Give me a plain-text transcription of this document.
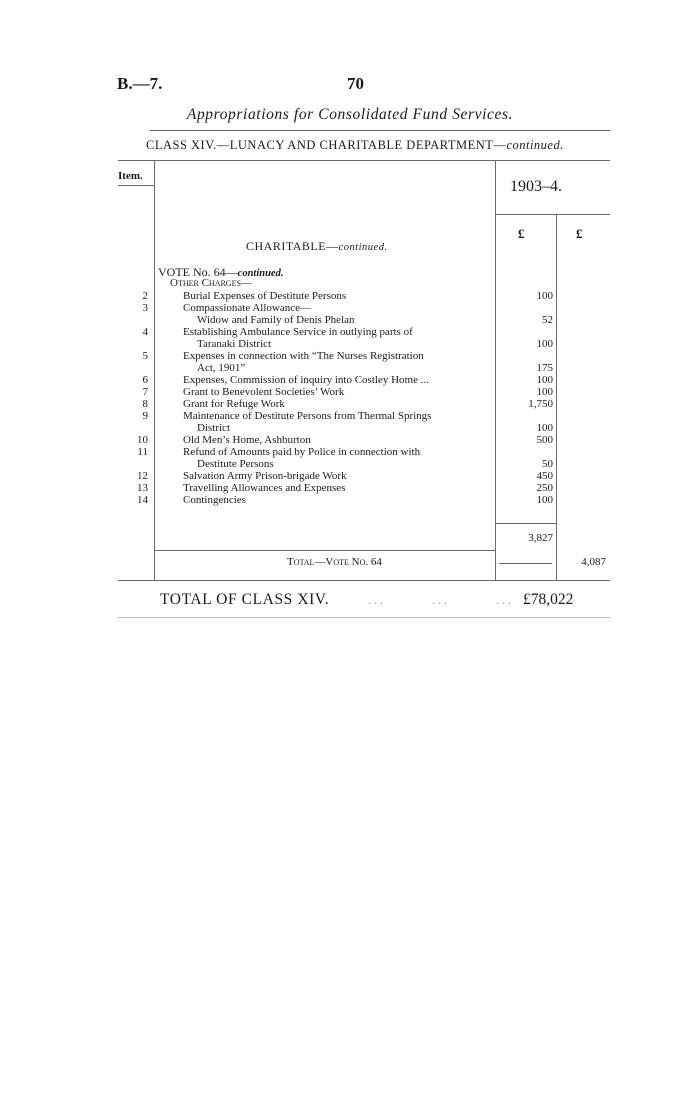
B.—7.	70
Appropriations for Consolidated Fund Services.
CLASS XIV.—LUNACY AND CHARITABLE DEPARTMENT—continued.
Item.
1903–4.
£	£
CHARITABLE—continued.
VOTE No. 64—continued.
Other Charges—
2	Burial Expenses of Destitute Persons	100
3	Compassionate Allowance—
Widow and Family of Denis Phelan	52
4	Establishing Ambulance Service in outlying parts of
Taranaki District	100
5	Expenses in connection with “The Nurses Registration
Act, 1901”	175
6	Expenses, Commission of inquiry into Costley Home ...	100
7	Grant to Benevolent Societies’ Work	100
8	Grant for Refuge Work	1,750
9	Maintenance of Destitute Persons from Thermal Springs
District	100
10	Old Men’s Home, Ashburton	500
11	Refund of Amounts paid by Police in connection with
Destitute Persons	50
12	Salvation Army Prison-brigade Work	450
13	Travelling Allowances and Expenses	250
14	Contingencies	100
3,827
Total—Vote No. 64	4,087
TOTAL OF CLASS XIV.	... ... ... £78,022
